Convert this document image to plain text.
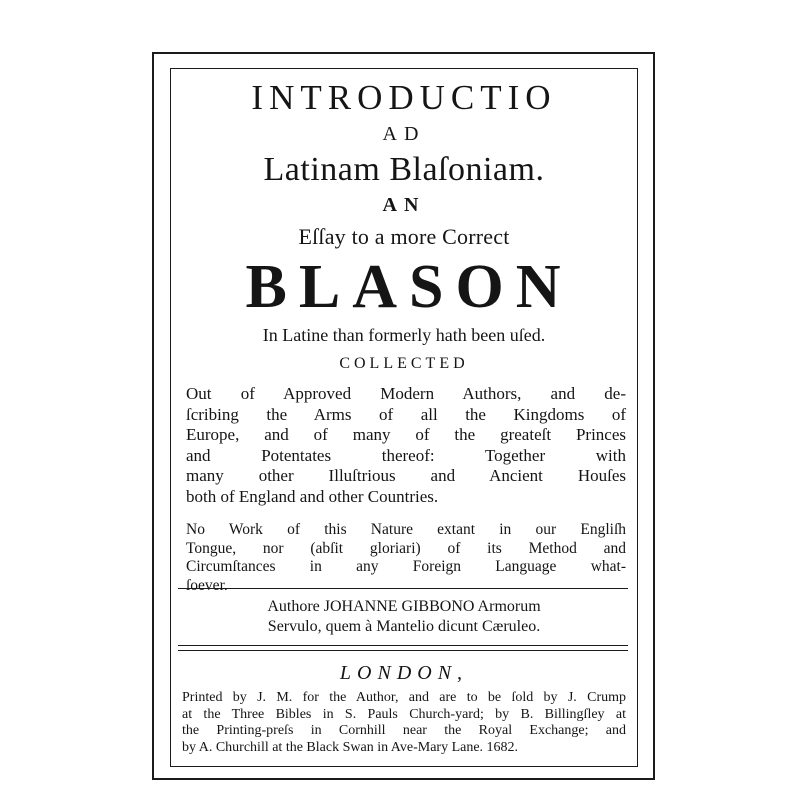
INTRODUCTIO

AD

Latinam Blaſoniam.

AN

Eſſay to a more Correct

BLASON

In Latine than formerly hath been uſed.

COLLECTED

Out of Approved Modern Authors, and de-
ſcribing the Arms of all the Kingdoms of
Europe, and of many of the greateſt Princes
and Potentates thereof: Together with
many other Illuſtrious and Ancient Houſes
both of England and other Countries.
No Work of this Nature extant in our Engliſh
Tongue, nor (abſit gloriari) of its Method and
Circumſtances in any Foreign Language what-
ſoever.
Authore JOHANNE GIBBONO Armorum
Servulo, quem à Mantelio dicunt Cæruleo.
LONDON,
Printed by J. M. for the Author, and are to be ſold by J. Crump
at the Three Bibles in S. Pauls Church-yard; by B. Billingſley at
the Printing-preſs in Cornhill near the Royal Exchange; and
by A. Churchill at the Black Swan in Ave-Mary Lane. 1682.
